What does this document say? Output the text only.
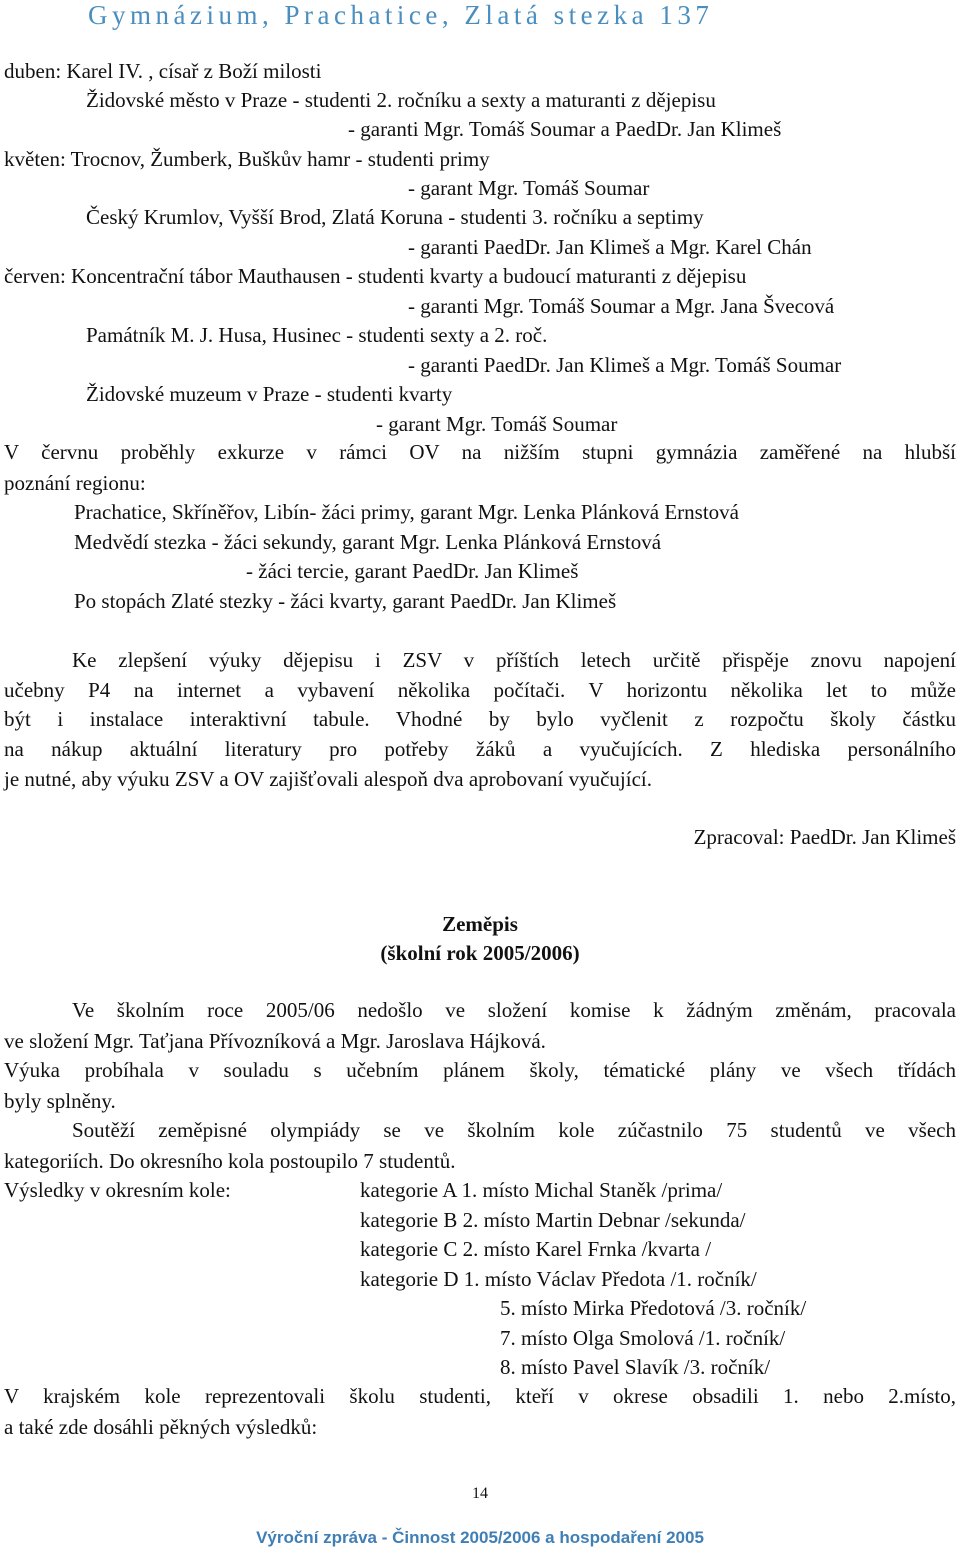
Gymnázium, Prachatice, Zlatá stezka 137
duben: Karel IV. , císař z Boží milosti
Židovské město v Praze - studenti 2. ročníku a sexty a maturanti z dějepisu
- garanti Mgr. Tomáš Soumar a PaedDr. Jan Klimeš
květen: Trocnov, Žumberk, Buškův hamr - studenti primy
- garant Mgr. Tomáš Soumar
Český Krumlov, Vyšší Brod, Zlatá Koruna - studenti 3. ročníku a septimy
- garanti PaedDr. Jan Klimeš a Mgr. Karel Chán
červen: Koncentrační tábor Mauthausen - studenti kvarty a budoucí maturanti z dějepisu
- garanti Mgr. Tomáš Soumar a Mgr. Jana Švecová
Památník M. J. Husa, Husinec - studenti sexty a 2. roč.
- garanti PaedDr. Jan Klimeš a Mgr. Tomáš Soumar
Židovské muzeum v Praze - studenti kvarty
- garant Mgr. Tomáš Soumar
V červnu proběhly exkurze v rámci OV na nižším stupni gymnázia zaměřené na hlubší
poznání regionu:
Prachatice, Skříněřov, Libín- žáci primy, garant Mgr. Lenka Plánková Ernstová
Medvědí stezka - žáci sekundy, garant Mgr. Lenka Plánková Ernstová
- žáci tercie, garant PaedDr. Jan Klimeš
Po stopách Zlaté stezky - žáci kvarty, garant PaedDr. Jan Klimeš
Ke zlepšení výuky dějepisu i ZSV v příštích letech určitě přispěje znovu napojení
učebny P4 na internet a vybavení několika počítači. V horizontu několika let to může
být i instalace interaktivní tabule. Vhodné by bylo vyčlenit z rozpočtu školy částku
na nákup aktuální literatury pro potřeby žáků a vyučujících. Z hlediska personálního
je nutné, aby výuku ZSV a OV zajišťovali alespoň dva aprobovaní vyučující.
Zpracoval: PaedDr. Jan Klimeš
Zeměpis
(školní rok 2005/2006)
Ve školním roce 2005/06 nedošlo ve složení komise k žádným změnám, pracovala
ve složení Mgr. Taťjana Přívozníková a Mgr. Jaroslava Hájková.
Výuka probíhala v souladu s učebním plánem školy, tématické plány ve všech třídách
byly splněny.
Soutěží zeměpisné olympiády se ve školním kole zúčastnilo 75 studentů ve všech
kategoriích. Do okresního kola postoupilo 7 studentů.
Výsledky v okresním kole:	kategorie A 1. místo Michal Staněk /prima/
kategorie B 2. místo Martin Debnar /sekunda/
kategorie C 2. místo Karel Frnka /kvarta /
kategorie D 1. místo Václav Předota /1. ročník/
5. místo Mirka Předotová /3. ročník/
7. místo Olga Smolová /1. ročník/
8. místo Pavel Slavík /3. ročník/
V krajském kole reprezentovali školu studenti, kteří v okrese obsadili 1. nebo 2.místo,
a také zde dosáhli pěkných výsledků:
14
Výroční zpráva - Činnost 2005/2006 a hospodaření 2005
